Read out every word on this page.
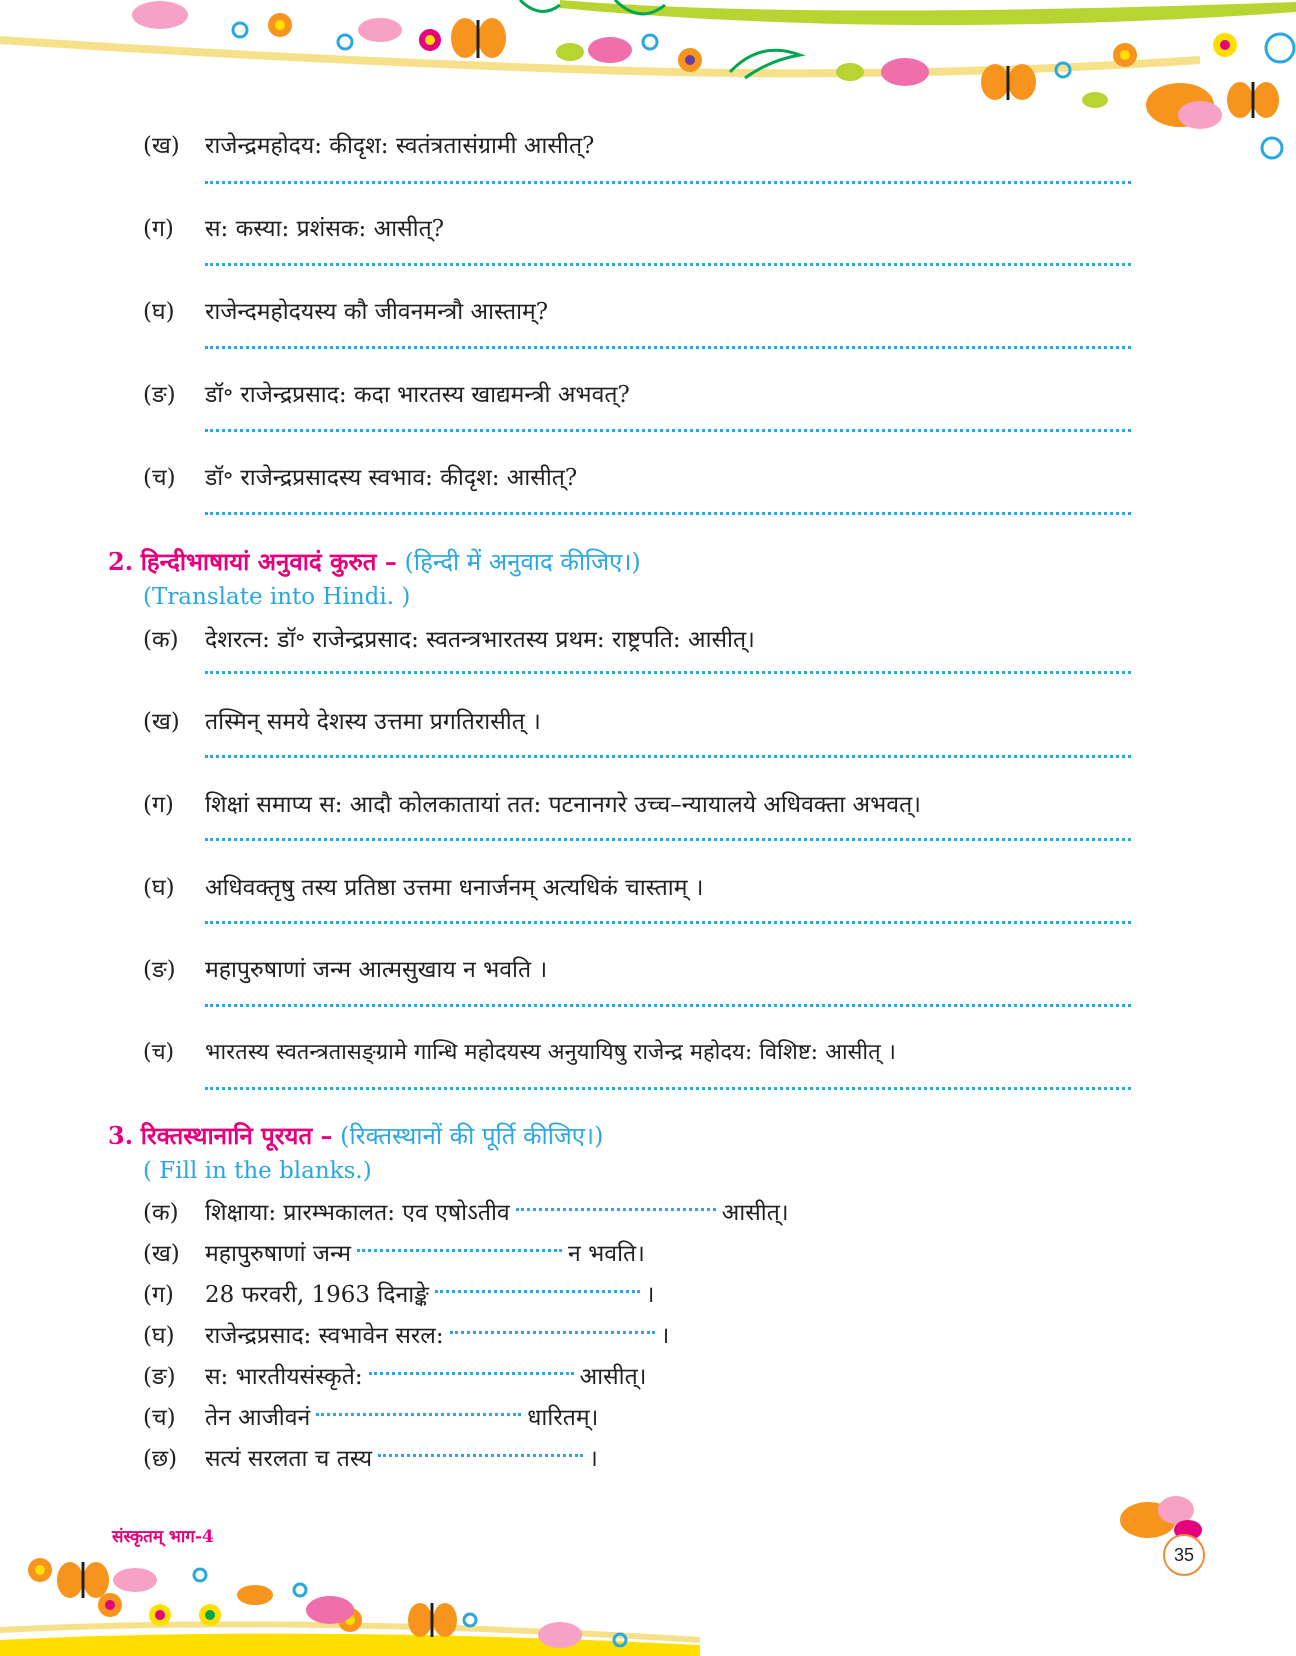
(ख) राजेन्द्रमहोदय: कीदृश: स्वतंत्रतासंग्रामी आसीत्?
(ग) स: कस्या: प्रशंसक: आसीत्?
(घ) राजेन्दमहोदयस्य कौ जीवनमन्त्रौ आस्ताम्?
(ङ) डॉ॰ राजेन्द्रप्रसाद: कदा भारतस्य खाद्यमन्त्री अभवत्?
(च) डॉ॰ राजेन्द्रप्रसादस्य स्वभाव: कीदृश: आसीत्?
2. हिन्दीभाषायां अनुवादं कुरुत – (हिन्दी में अनुवाद कीजिए।)
(Translate into Hindi. )
(क) देशरत्न: डॉ॰ राजेन्द्रप्रसाद: स्वतन्त्रभारतस्य प्रथम: राष्ट्रपति: आसीत्।
(ख) तस्मिन् समये देशस्य उत्तमा प्रगतिरासीत् ।
(ग) शिक्षां समाप्य स: आदौ कोलकातायां तत: पटनानगरे उच्च–न्यायालये अधिवक्ता अभवत्।
(घ) अधिवक्तृषु तस्य प्रतिष्ठा उत्तमा धनार्जनम् अत्यधिकं चास्ताम् ।
(ङ) महापुरुषाणां जन्म आत्मसुखाय न भवति ।
(च) भारतस्य स्वतन्त्रतासङ्ग्रामे गान्धि महोदयस्य अनुयायिषु राजेन्द्र महोदय: विशिष्ट: आसीत् ।
3. रिक्तस्थानानि पूरयत – (रिक्तस्थानों की पूर्ति कीजिए।)
( Fill in the blanks.)
(क) शिक्षाया: प्रारम्भकालत: एव एषोऽतीव	आसीत्।
(ख) महापुरुषाणां जन्म	न भवति।
(ग) 28 फरवरी, 1963 दिनाङ्के	।
(घ) राजेन्द्रप्रसाद: स्वभावेन सरल:	।
(ङ) स: भारतीयसंस्कृते:	आसीत्।
(च) तेन आजीवनं	धारितम्।
(छ) सत्यं सरलता च तस्य	।
संस्कृतम् भाग-4
35
